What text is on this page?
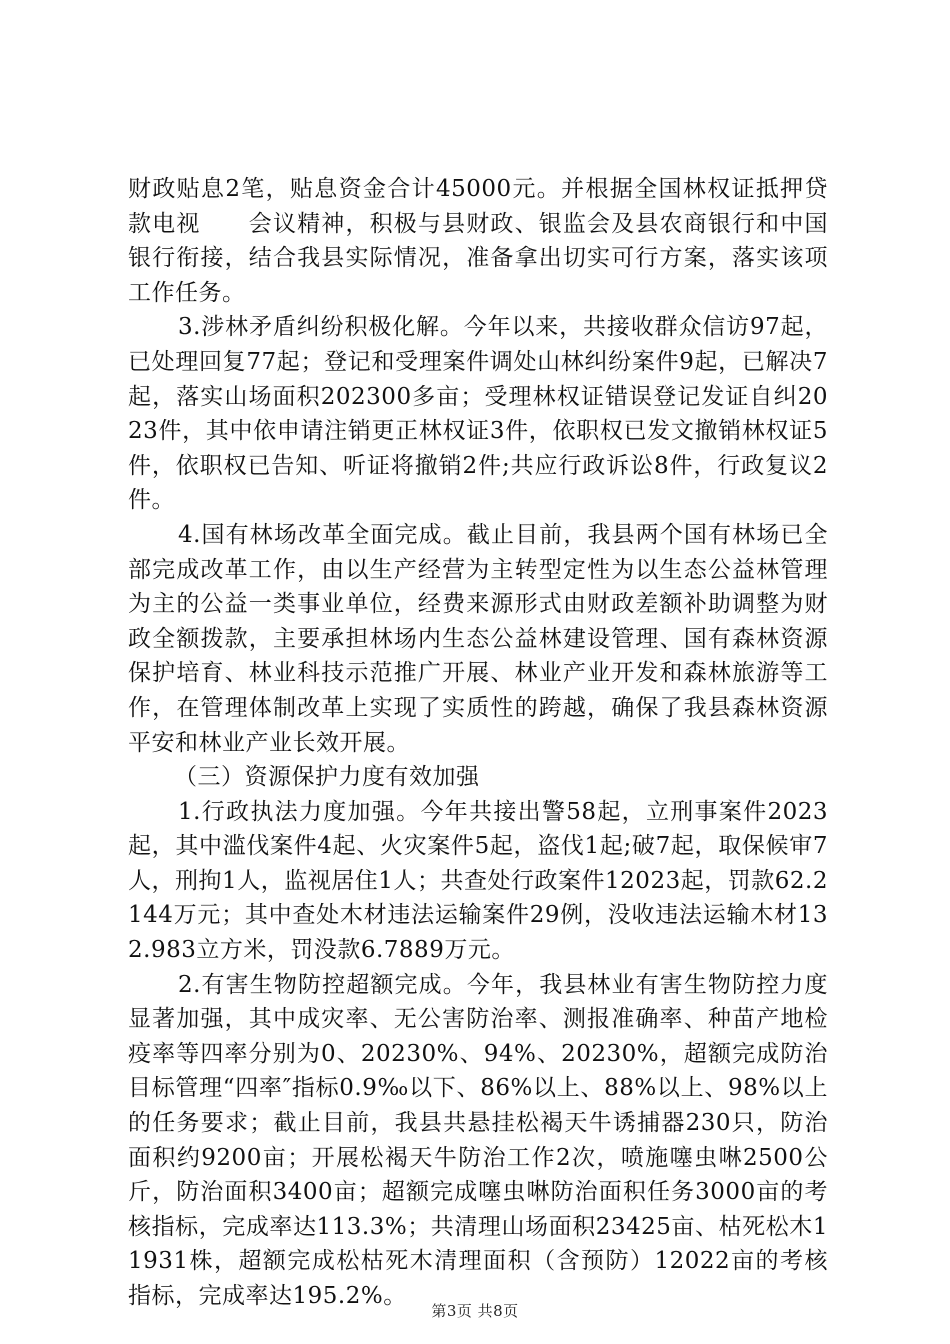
财政贴息2笔，贴息资金合计45000元。并根据全国林权证抵押贷款电视　　会议精神，积极与县财政、银监会及县农商银行和中国银行衔接，结合我县实际情况，准备拿出切实可行方案，落实该项工作任务。

3.涉林矛盾纠纷积极化解。今年以来，共接收群众信访97起，已处理回复77起；登记和受理案件调处山林纠纷案件9起，已解决7起，落实山场面积202300多亩；受理林权证错误登记发证自纠2023件，其中依申请注销更正林权证3件，依职权已发文撤销林权证5件，依职权已告知、听证将撤销2件;共应行政诉讼8件，行政复议2件。

4.国有林场改革全面完成。截止目前，我县两个国有林场已全部完成改革工作，由以生产经营为主转型定性为以生态公益林管理为主的公益一类事业单位，经费来源形式由财政差额补助调整为财政全额拨款，主要承担林场内生态公益林建设管理、国有森林资源保护培育、林业科技示范推广开展、林业产业开发和森林旅游等工作，在管理体制改革上实现了实质性的跨越，确保了我县森林资源平安和林业产业长效开展。

（三）资源保护力度有效加强

1.行政执法力度加强。今年共接出警58起，立刑事案件2023起，其中滥伐案件4起、火灾案件5起，盗伐1起;破7起，取保候审7人，刑拘1人，监视居住1人；共查处行政案件12023起，罚款62.2144万元；其中查处木材违法运输案件29例，没收违法运输木材132.983立方米，罚没款6.7889万元。

2.有害生物防控超额完成。今年，我县林业有害生物防控力度显著加强，其中成灾率、无公害防治率、测报准确率、种苗产地检疫率等四率分别为0、20230%、94%、20230%，超额完成防治目标管理“四率″指标0.9‰以下、86%以上、88%以上、98%以上的任务要求；截止目前，我县共悬挂松褐天牛诱捕器230只，防治面积约9200亩；开展松褐天牛防治工作2次，喷施噻虫啉2500公斤，防治面积3400亩；超额完成噻虫啉防治面积任务3000亩的考核指标，完成率达113.3%；共清理山场面积23425亩、枯死松木11931株，超额完成松枯死木清理面积（含预防）12022亩的考核指标，完成率达195.2%。

第3页 共8页
